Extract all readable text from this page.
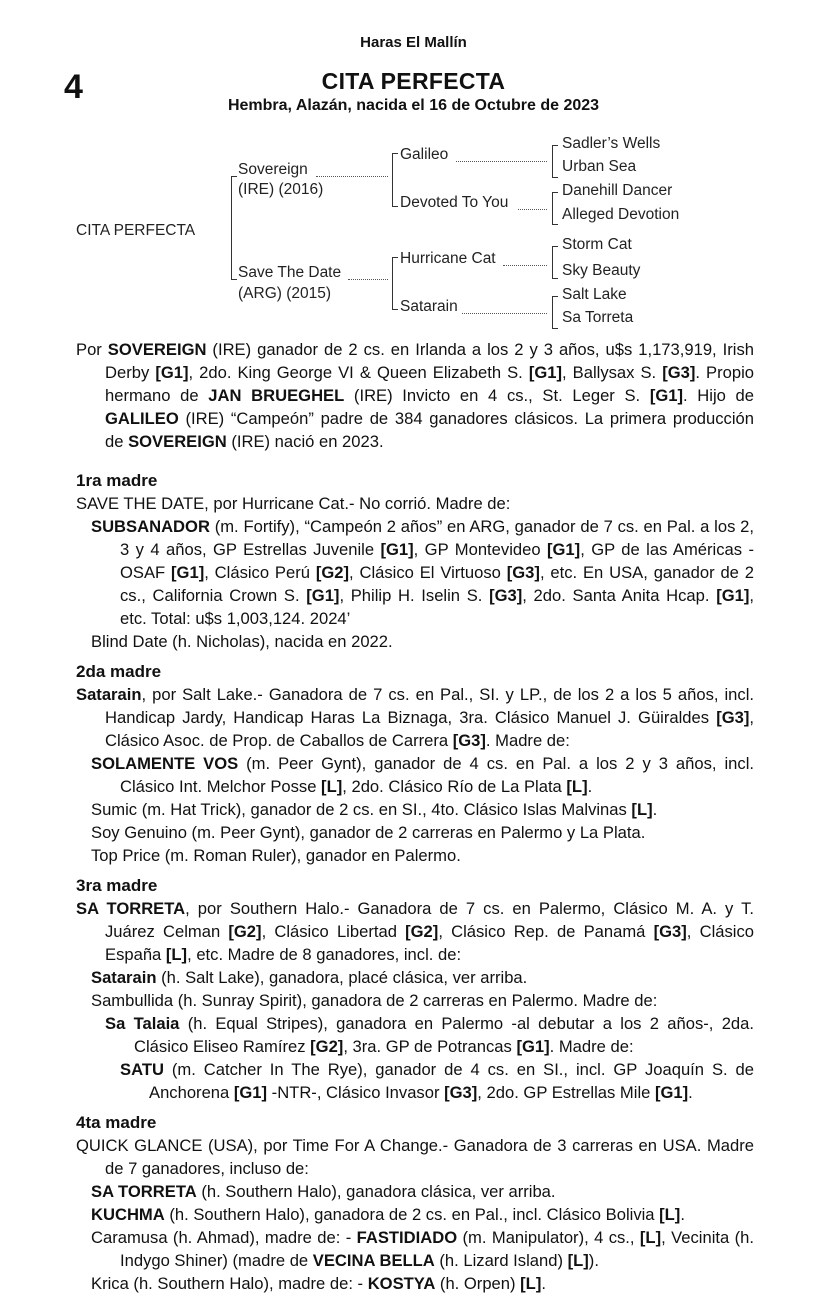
Haras El Mallín
4	CITA PERFECTA
Hembra, Alazán, nacida el 16 de Octubre de 2023
CITA PERFECTA
Sovereign
(IRE) (2016)
Save The Date
(ARG) (2015)
Galileo
Devoted To You
Hurricane Cat
Satarain
Sadler’s Wells
Urban Sea
Danehill Dancer
Alleged Devotion
Storm Cat
Sky Beauty
Salt Lake
Sa Torreta
Por SOVEREIGN (IRE) ganador de 2 cs. en Irlanda a los 2 y 3 años, u$s 1,173,919, Irish Derby [G1], 2do. King George VI & Queen Elizabeth S. [G1], Ballysax S. [G3]. Propio hermano de JAN BRUEGHEL (IRE) Invicto en 4 cs., St. Leger S. [G1]. Hijo de GALILEO (IRE) “Campeón” padre de 384 ganadores clásicos. La primera producción de SOVEREIGN (IRE) nació en 2023.
1ra madre
SAVE THE DATE, por Hurricane Cat.- No corrió. Madre de:
SUBSANADOR (m. Fortify), “Campeón 2 años” en ARG, ganador de 7 cs. en Pal. a los 2, 3 y 4 años, GP Estrellas Juvenile [G1], GP Montevideo [G1], GP de las Américas - OSAF [G1], Clásico Perú [G2], Clásico El Virtuoso [G3], etc. En USA, ganador de 2 cs., California Crown S. [G1], Philip H. Iselin S. [G3], 2do. Santa Anita Hcap. [G1], etc. Total: u$s 1,003,124. 2024’
Blind Date (h. Nicholas), nacida en 2022.
2da madre
Satarain, por Salt Lake.- Ganadora de 7 cs. en Pal., SI. y LP., de los 2 a los 5 años, incl. Handicap Jardy, Handicap Haras La Biznaga, 3ra. Clásico Manuel J. Güiraldes [G3], Clásico Asoc. de Prop. de Caballos de Carrera [G3]. Madre de:
SOLAMENTE VOS (m. Peer Gynt), ganador de 4 cs. en Pal. a los 2 y 3 años, incl. Clásico Int. Melchor Posse [L], 2do. Clásico Río de La Plata [L].
Sumic (m. Hat Trick), ganador de 2 cs. en SI., 4to. Clásico Islas Malvinas [L].
Soy Genuino (m. Peer Gynt), ganador de 2 carreras en Palermo y La Plata.
Top Price (m. Roman Ruler), ganador en Palermo.
3ra madre
SA TORRETA, por Southern Halo.- Ganadora de 7 cs. en Palermo, Clásico M. A. y T. Juárez Celman [G2], Clásico Libertad [G2], Clásico Rep. de Panamá [G3], Clásico España [L], etc. Madre de 8 ganadores, incl. de:
Satarain (h. Salt Lake), ganadora, placé clásica, ver arriba.
Sambullida (h. Sunray Spirit), ganadora de 2 carreras en Palermo. Madre de:
Sa Talaia (h. Equal Stripes), ganadora en Palermo -al debutar a los 2 años-, 2da. Clásico Eliseo Ramírez [G2], 3ra. GP de Potrancas [G1]. Madre de:
SATU (m. Catcher In The Rye), ganador de 4 cs. en SI., incl. GP Joaquín S. de Anchorena [G1] -NTR-, Clásico Invasor [G3], 2do. GP Estrellas Mile [G1].
4ta madre
QUICK GLANCE (USA), por Time For A Change.- Ganadora de 3 carreras en USA. Madre de 7 ganadores, incluso de:
SA TORRETA (h. Southern Halo), ganadora clásica, ver arriba.
KUCHMA (h. Southern Halo), ganadora de 2 cs. en Pal., incl. Clásico Bolivia [L].
Caramusa (h. Ahmad), madre de: - FASTIDIADO (m. Manipulator), 4 cs., [L], Vecinita (h. Indygo Shiner) (madre de VECINA BELLA (h. Lizard Island) [L]).
Krica (h. Southern Halo), madre de: - KOSTYA (h. Orpen) [L].
